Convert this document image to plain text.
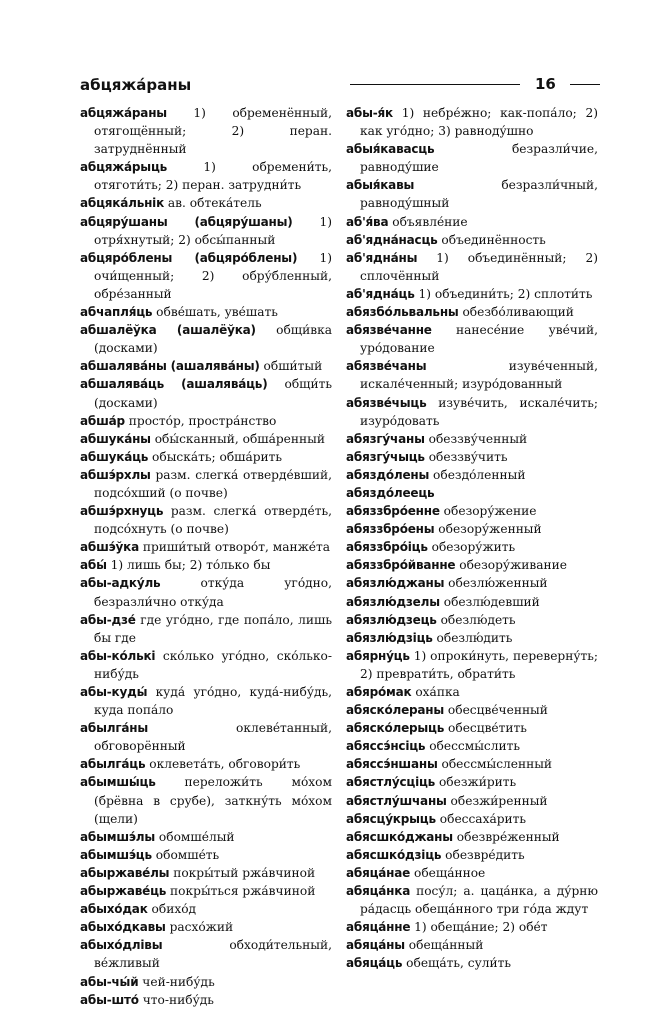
абцяжа́раны	16

абцяжа́раны 1) обременённый, отягощённый; 2) перан. затруднённый

абцяжа́рыць 1) обремени́ть, отяготи́ть; 2) перан. затрудни́ть

абцяка́льнік ав. обтека́тель

абцяру́шаны (абцяру́шаны) 1) отря́хнутый; 2) обсы́панный

абцяро́блены (абцяро́блены) 1) очи́щенный; 2) обру́бленный, обре́занный

абчапля́ць обве́шать, уве́шать

абшалёўка (ашалёўка) общи́вка (досками)

абшалява́ны (ашалява́ны) обши́тый

абшалява́ць (ашалява́ць) общи́ть (досками)

абша́р просто́р, простра́нство

абшука́ны обы́сканный, обша́ренный

абшука́ць обыска́ть; обша́рить

абшэ́рхлы разм. слегка́ отверде́вший, подсо́хший (о почве)

абшэ́рхнуць разм. слегка́ отверде́ть, подсо́хнуть (о почве)

абшэ́ўка приши́тый отворо́т, манже́та

абы́ 1) лишь бы; 2) то́лько бы

абы-адку́ль отку́да уго́дно, безразли́чно отку́да

абы-дзе́ где уго́дно, где попа́ло, лишь бы где

абы-ко́лькі ско́лько уго́дно, ско́лько-нибу́дь

абы-куды́ куда́ уго́дно, куда́-нибу́дь, куда попа́ло

абылга́ны оклеве́танный, обговорённый

абылга́ць оклевета́ть, обговори́ть

абымшы́ць переложи́ть мо́хом (брёвна в срубе), заткну́ть мо́хом (щели)

абымшэ́лы обомше́лый

абымшэ́ць обомше́ть

абыржаве́лы покры́тый ржа́вчиной

абыржаве́ць покры́ться ржа́вчиной

абыхо́дак обихо́д

абыхо́дкавы расхо́жий

абыхо́длівы обходи́тельный, ве́жливый

абы-чы́й чей-нибу́дь

абы-што́ что-нибу́дь

абы-я́к 1) небре́жно; как-попа́ло; 2) как уго́дно; 3) равноду́шно

абыя́кавасць безразли́чие, равноду́шие

абыя́кавы безразли́чный, равноду́шный

аб'я́ва объявле́ние

аб'ядна́насць объединённость

аб'ядна́ны 1) объединённый; 2) сплочённый

аб'ядна́ць 1) объедини́ть; 2) сплоти́ть

абязбо́львальны обезбо́ливающий

абязве́чанне нанесе́ние уве́чий, уро́дование

абязве́чаны изуве́ченный, искале́ченный; изуро́дованный

абязве́чыць изуве́чить, искале́чить; изуро́довать

абязгу́чаны обеззву́ченный

абязгу́чыць обеззву́чить

абяздо́лены обездо́ленный

абяздо́леець

абяззбро́енне обезору́жение

абяззбро́ены обезору́женный

абяззбро́іць обезору́жить

абяззбро́йванне обезору́живание

абязлю́джаны обезлю́женный

абязлю́дзелы обезлю́девший

абязлю́дзець обезлю́деть

абязлю́дзіць обезлю́дить

абярну́ць 1) опроки́нуть, переверну́ть; 2) преврати́ть, обрати́ть

абяро́мак оха́пка

абяско́лераны обесцве́ченный

абяско́лерыць обесцве́тить

абяссэ́нсіць обессмы́слить

абяссэ́ншаны обессмы́сленный

абястлу́сціць обезжи́рить

абястлу́шчаны обезжи́ренный

абясцу́крыць обессаха́рить

абясшко́джаны обезвре́женный

абясшко́дзіць обезвре́дить

абяца́нае обеща́нное

абяца́нка посу́л; а. цаца́нка, а ду́рню ра́дасць обеща́нного три го́да ждут

абяца́нне 1) обеща́ние; 2) обе́т

абяца́ны обеща́нный

абяца́ць обеща́ть, сули́ть
